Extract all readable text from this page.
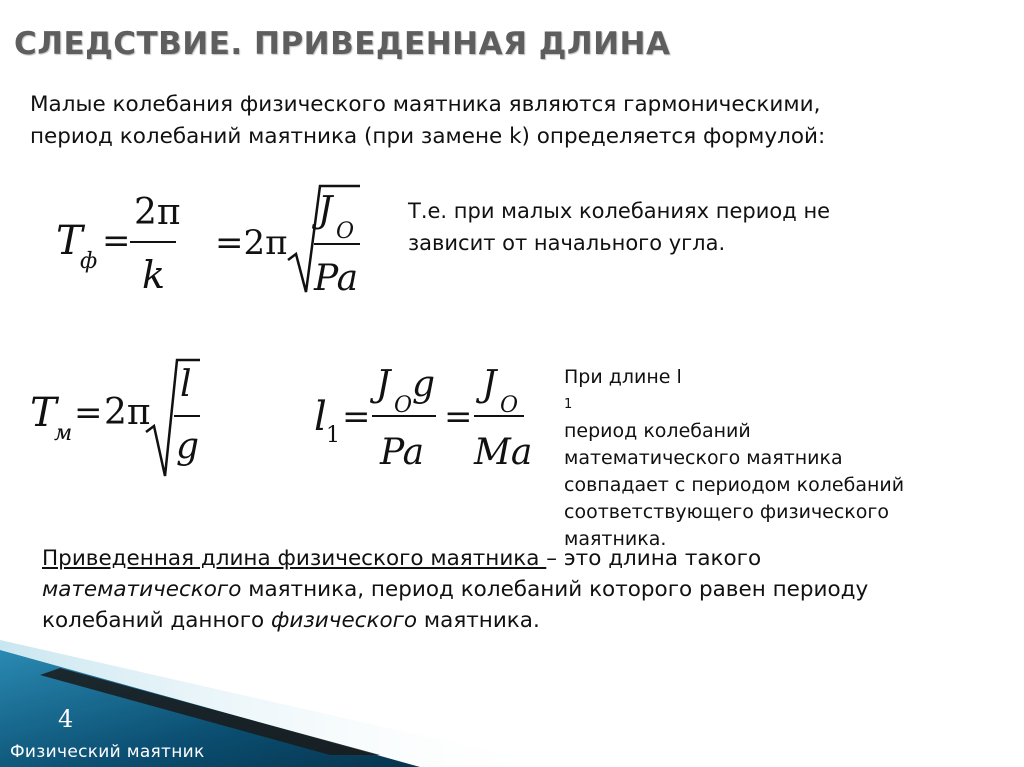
СЛЕДСТВИЕ. ПРИВЕДЕННАЯ ДЛИНА
Малые колебания физического маятника являются гармоническими,
период колебаний маятника (при замене k) определяется формулой:
T
ф
=
2π
k
=2π
J
O
Pa
Т.е. при малых колебаниях период не
зависит от начального угла.
T
м
= 2π
l
g
l 1 =
J
O
g
Pa
=
J
O
Ma
При длине l
1
период колебаний
математического маятника
совпадает с периодом колебаний
соответствующего физического
маятника.
Приведенная длина физического маятника – это длина такого
математического маятника, период колебаний которого равен периоду
колебаний данного физического маятника.
4
Физический маятник
